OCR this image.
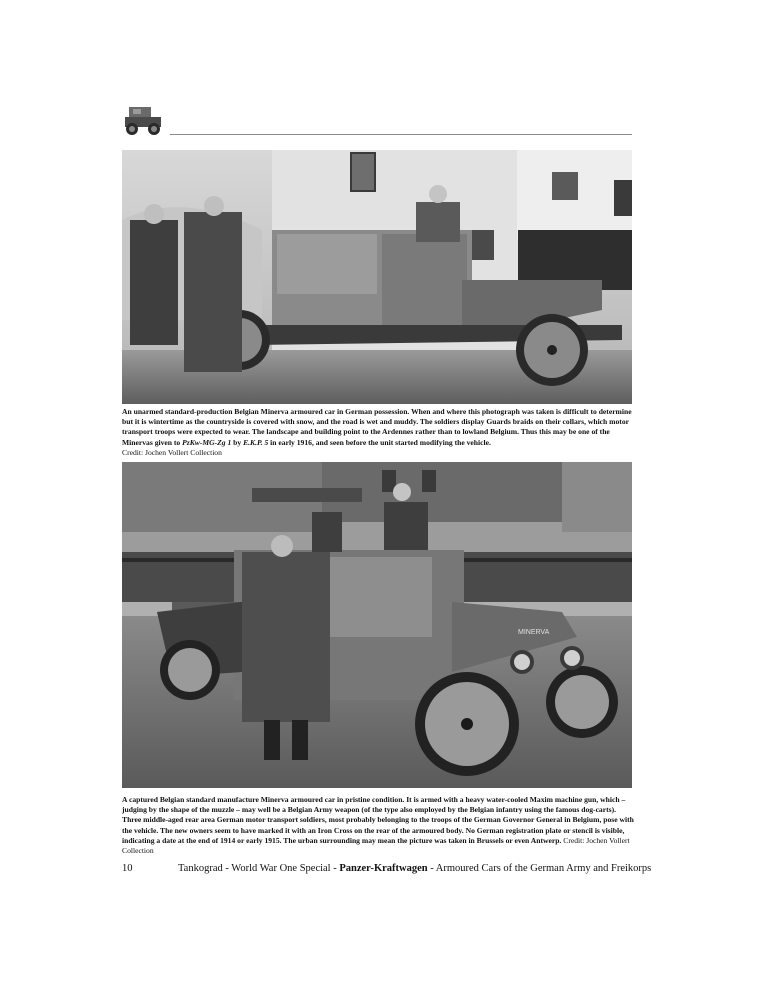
An unarmed standard-production Belgian Minerva armoured car in German possession. When and where this photograph was taken is difficult to determine but it is wintertime as the countryside is covered with snow, and the road is wet and muddy. The soldiers display Guards braids on their collars, which motor transport troops were expected to wear. The landscape and building point to the Ardennes rather than to lowland Belgium. Thus this may be one of the Minervas given to PzKw-MG-Zg 1 by E.K.P. 5 in early 1916, and seen before the unit started modifying the vehicle.
Credit: Jochen Vollert Collection

MINERVA

A captured Belgian standard manufacture Minerva armoured car in pristine condition. It is armed with a heavy water-cooled Maxim machine gun, which – judging by the shape of the muzzle – may well be a Belgian Army weapon (of the type also employed by the Belgian infantry using the famous dog-carts). Three middle-aged rear area German motor transport soldiers, most probably belonging to the troops of the German Governor General in Belgium, pose with the vehicle. The new owners seem to have marked it with an Iron Cross on the rear of the armoured body. No German registration plate or stencil is visible, indicating a date at the end of 1914 or early 1915. The urban surrounding may mean the picture was taken in Brussels or even Antwerp. Credit: Jochen Vollert Collection

10	Tankograd - World War One Special - Panzer-Kraftwagen - Armoured Cars of the German Army and Freikorps
